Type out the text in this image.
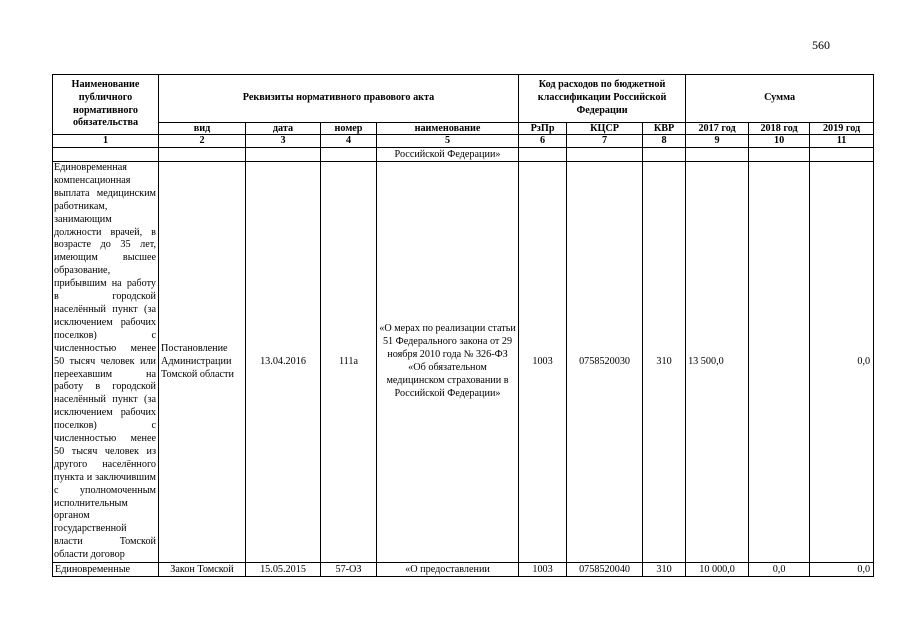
560
Наименование публичного нормативного обязательства	Реквизиты нормативного правового акта				Код расходов по бюджетной классификации Российской Федерации			Сумма		
	вид	дата	номер	наименование	РзПр	КЦСР	КВР	2017 год	2018 год	2019 год
1	2	3	4	5	6	7	8	9	10	11
				Российской Федерации»						
Единовременная компенсационная выплата медицинским работникам, занимающим должности врачей, в возрасте до 35 лет, имеющим высшее образование, прибывшим на работу в городской населённый пункт (за исключением рабочих поселков) с численностью менее 50 тысяч человек или переехавшим на работу в городской населённый пункт (за исключением рабочих поселков) с численностью менее 50 тысяч человек из другого населённого пункта и заключившим с уполномоченным исполнительным органом государственной власти Томской области договор	Постановление Администрации Томской области	13.04.2016	111а	«О мерах по реализации статьи 51 Федерального закона от 29 ноября 2010 года № 326-ФЗ «Об обязательном медицинском страховании в Российской Федерации»	1003	0758520030	310	13 500,0		0,0
Единовременные	Закон Томской	15.05.2015	57-ОЗ	«О предоставлении	1003	0758520040	310	10 000,0	0,0	0,0
